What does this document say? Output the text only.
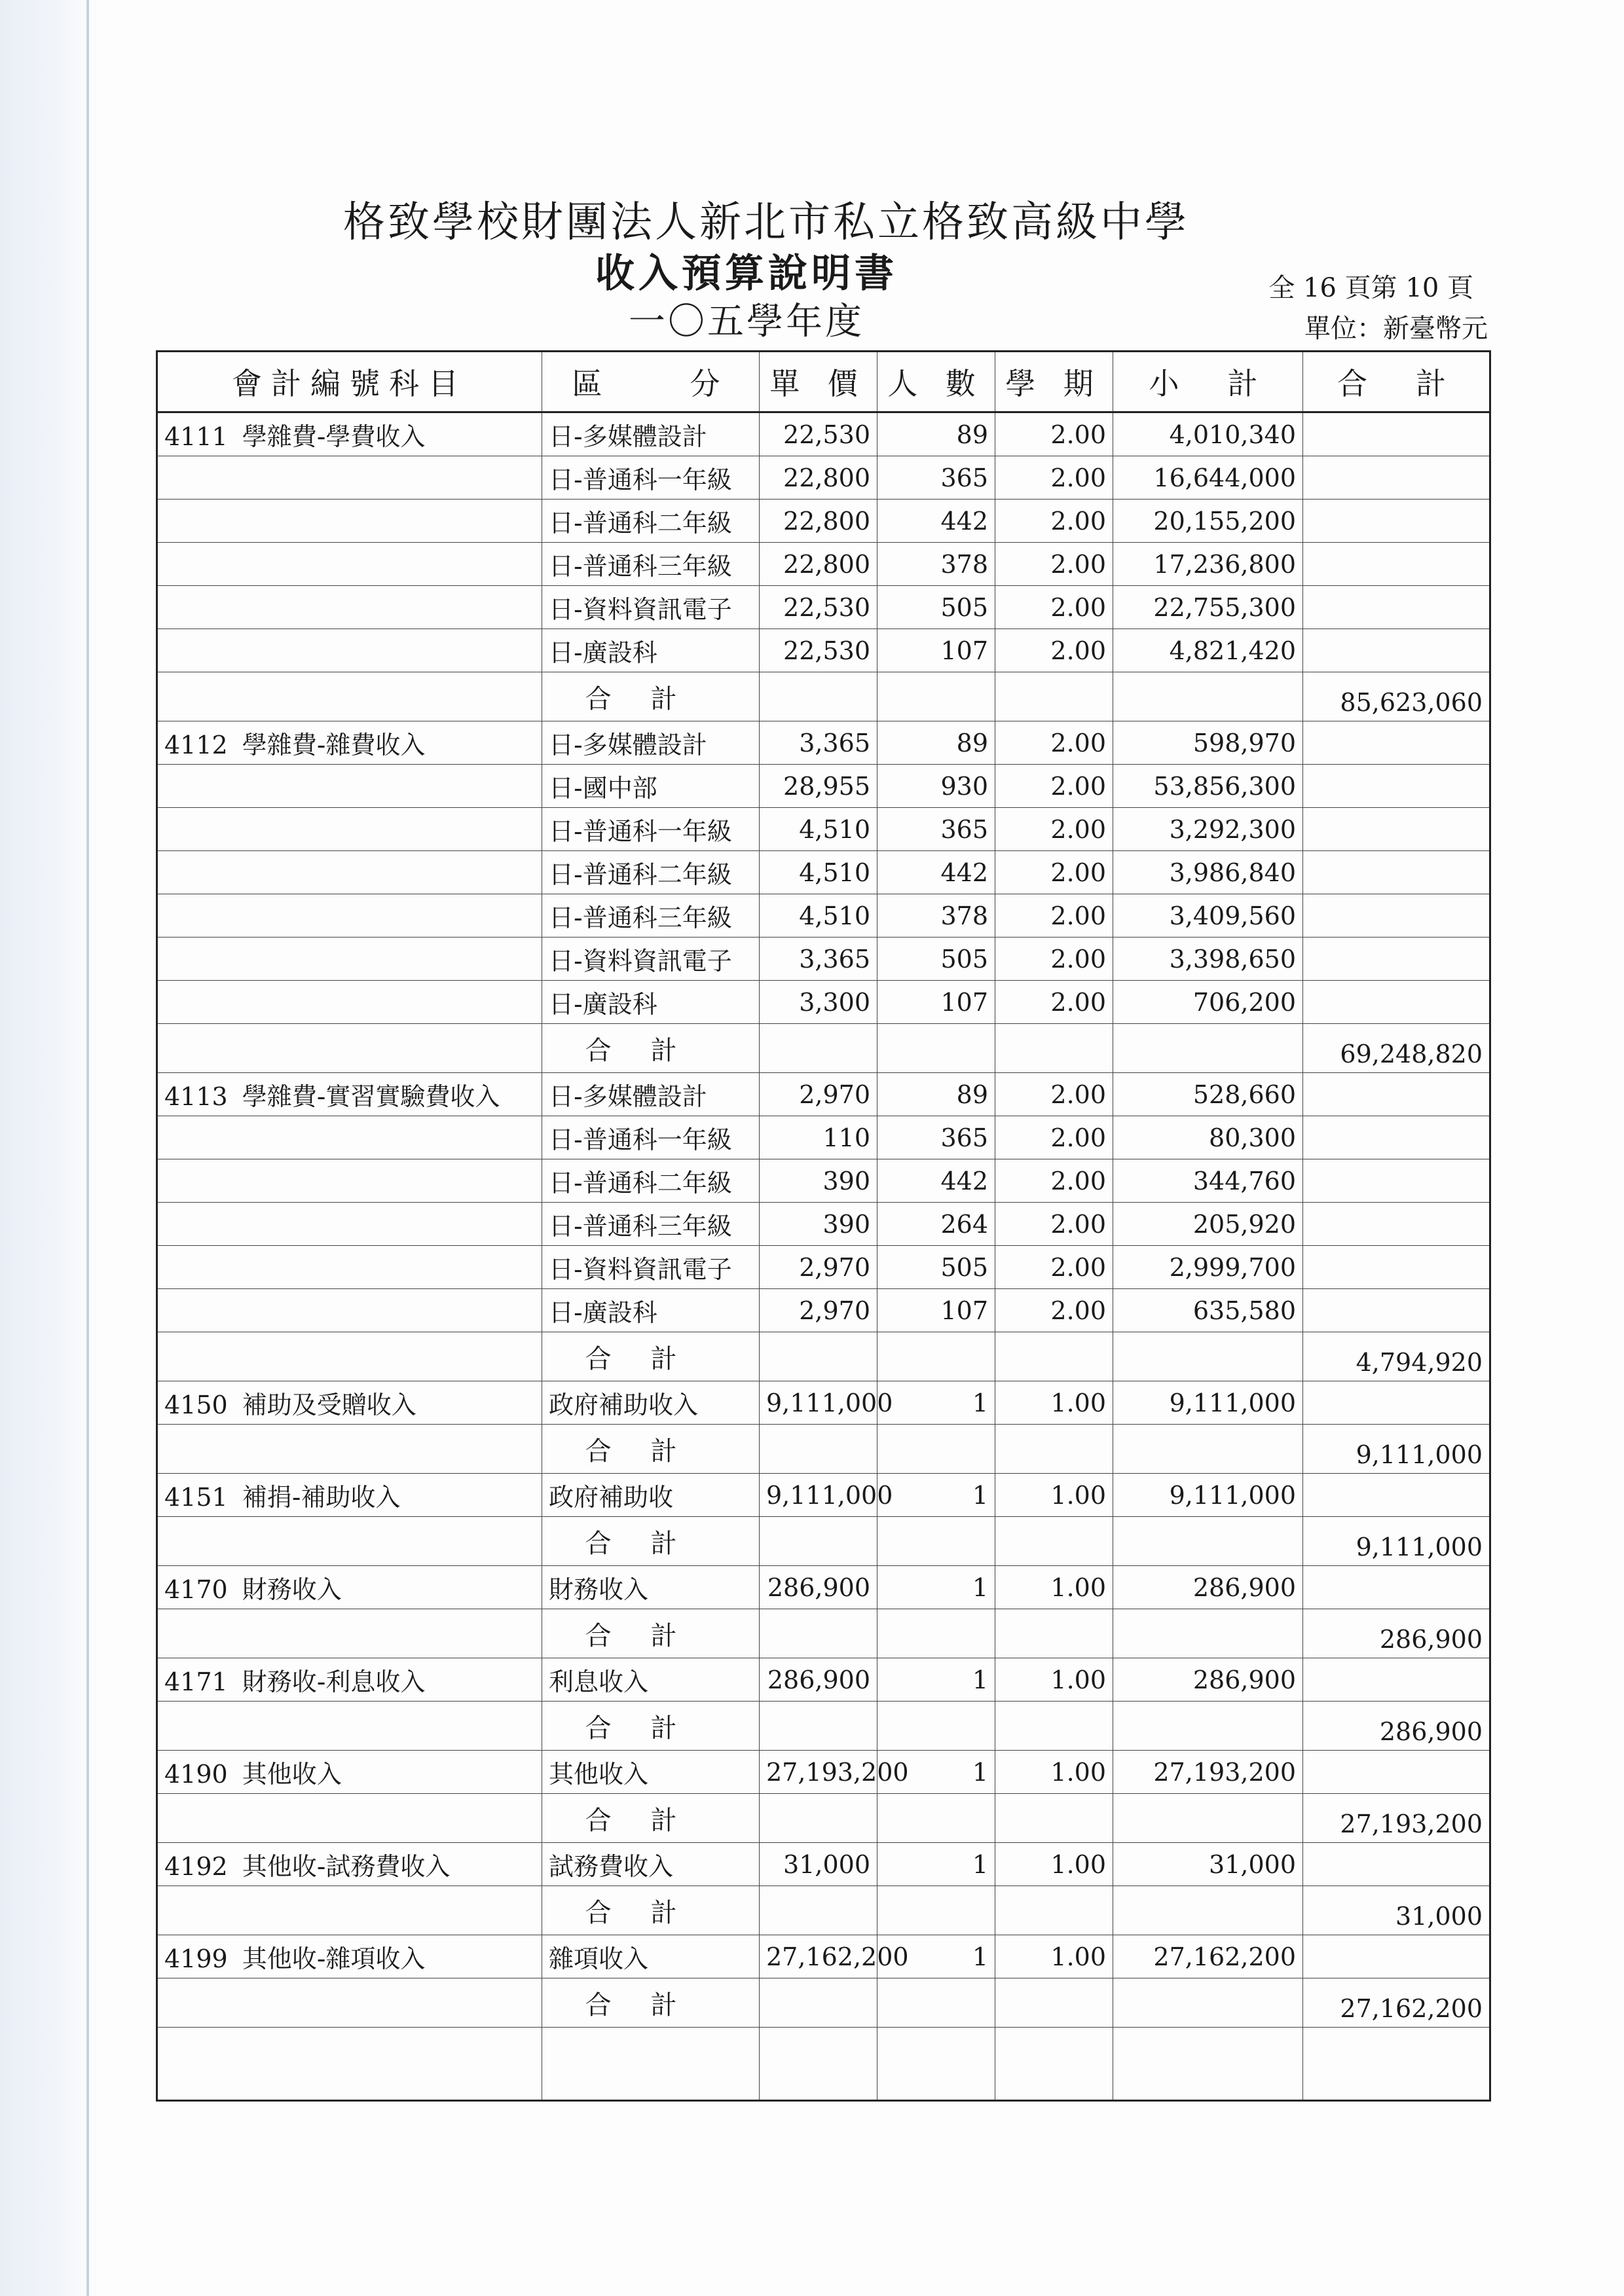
格致學校財團法人新北市私立格致高級中學
收入預算說明書
一〇五學年度
全 16 頁第 10 頁
單位：新臺幣元
會計編號科目	區　　分	單 價	人 數	學 期	小　計	合　計
4111 學雜費-學費收入	日-多媒體設計	22,530	89	2.00	4,010,340	
	日-普通科一年級	22,800	365	2.00	16,644,000	
	日-普通科二年級	22,800	442	2.00	20,155,200	
	日-普通科三年級	22,800	378	2.00	17,236,800	
	日-資料資訊電子	22,530	505	2.00	22,755,300	
	日-廣設科	22,530	107	2.00	4,821,420	
	合計					85,623,060
4112 學雜費-雜費收入	日-多媒體設計	3,365	89	2.00	598,970	
	日-國中部	28,955	930	2.00	53,856,300	
	日-普通科一年級	4,510	365	2.00	3,292,300	
	日-普通科二年級	4,510	442	2.00	3,986,840	
	日-普通科三年級	4,510	378	2.00	3,409,560	
	日-資料資訊電子	3,365	505	2.00	3,398,650	
	日-廣設科	3,300	107	2.00	706,200	
	合計					69,248,820
4113 學雜費-實習實驗費收入	日-多媒體設計	2,970	89	2.00	528,660	
	日-普通科一年級	110	365	2.00	80,300	
	日-普通科二年級	390	442	2.00	344,760	
	日-普通科三年級	390	264	2.00	205,920	
	日-資料資訊電子	2,970	505	2.00	2,999,700	
	日-廣設科	2,970	107	2.00	635,580	
	合計					4,794,920
4150 補助及受贈收入	政府補助收入	9,111,000	1	1.00	9,111,000	
	合計					9,111,000
4151 補捐-補助收入	政府補助收	9,111,000	1	1.00	9,111,000	
	合計					9,111,000
4170 財務收入	財務收入	286,900	1	1.00	286,900	
	合計					286,900
4171 財務收-利息收入	利息收入	286,900	1	1.00	286,900	
	合計					286,900
4190 其他收入	其他收入	27,193,200	1	1.00	27,193,200	
	合計					27,193,200
4192 其他收-試務費收入	試務費收入	31,000	1	1.00	31,000	
	合計					31,000
4199 其他收-雜項收入	雜項收入	27,162,200	1	1.00	27,162,200	
	合計					27,162,200
